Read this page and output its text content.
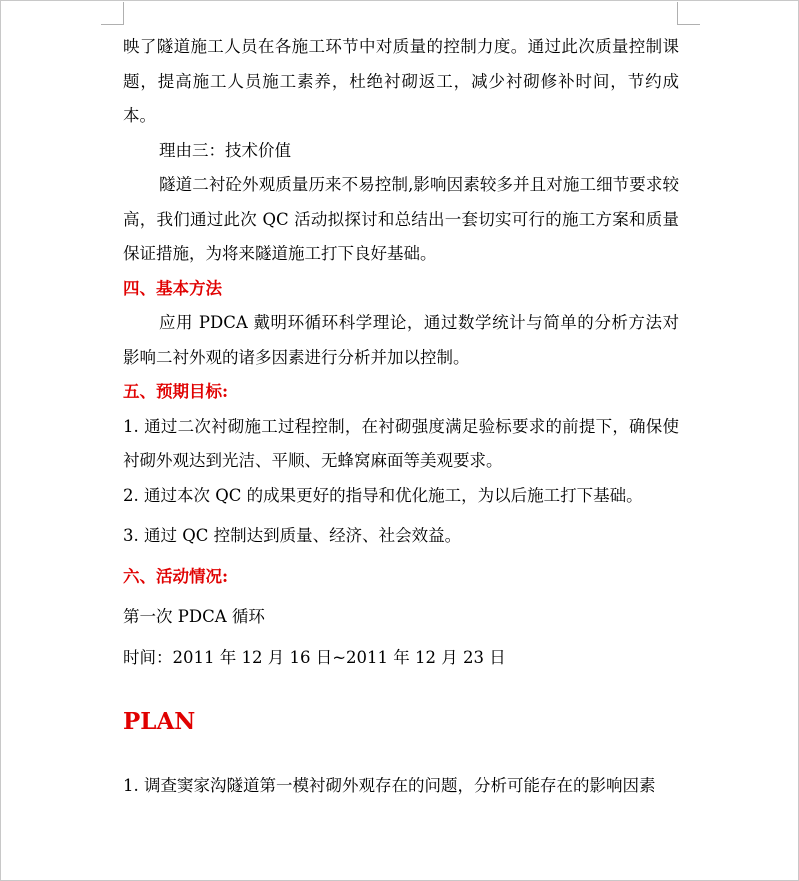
映了隧道施工人员在各施工环节中对质量的控制力度。通过此次质量控制课题，提高施工人员施工素养，杜绝衬砌返工，减少衬砌修补时间，节约成本。

理由三：技术价值

隧道二衬砼外观质量历来不易控制,影响因素较多并且对施工细节要求较高，我们通过此次 QC 活动拟探讨和总结出一套切实可行的施工方案和质量保证措施，为将来隧道施工打下良好基础。

四、基本方法

应用 PDCA 戴明环循环科学理论，通过数学统计与简单的分析方法对影响二衬外观的诸多因素进行分析并加以控制。

五、预期目标:

1. 通过二次衬砌施工过程控制，在衬砌强度满足验标要求的前提下，确保使衬砌外观达到光洁、平顺、无蜂窝麻面等美观要求。

2. 通过本次 QC 的成果更好的指导和优化施工，为以后施工打下基础。

3. 通过 QC 控制达到质量、经济、社会效益。

六、活动情况:

第一次 PDCA 循环

时间：2011 年 12 月 16 日~2011 年 12 月 23 日

PLAN

1. 调查窦家沟隧道第一模衬砌外观存在的问题，分析可能存在的影响因素
